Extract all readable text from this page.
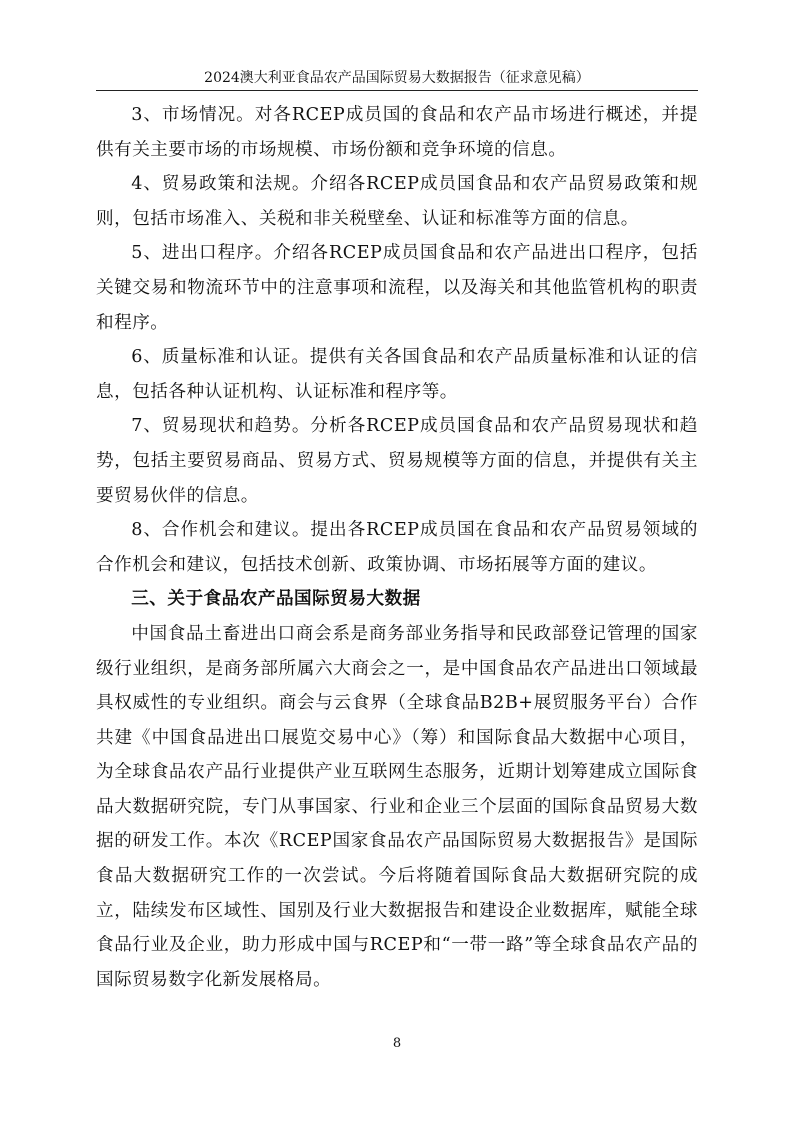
2024澳大利亚食品农产品国际贸易大数据报告（征求意见稿）

3、市场情况。对各RCEP成员国的食品和农产品市场进行概述，并提供有关主要市场的市场规模、市场份额和竞争环境的信息。

4、贸易政策和法规。介绍各RCEP成员国食品和农产品贸易政策和规则，包括市场准入、关税和非关税壁垒、认证和标准等方面的信息。

5、进出口程序。介绍各RCEP成员国食品和农产品进出口程序，包括关键交易和物流环节中的注意事项和流程，以及海关和其他监管机构的职责和程序。

6、质量标准和认证。提供有关各国食品和农产品质量标准和认证的信息，包括各种认证机构、认证标准和程序等。

7、贸易现状和趋势。分析各RCEP成员国食品和农产品贸易现状和趋势，包括主要贸易商品、贸易方式、贸易规模等方面的信息，并提供有关主要贸易伙伴的信息。

8、合作机会和建议。提出各RCEP成员国在食品和农产品贸易领域的合作机会和建议，包括技术创新、政策协调、市场拓展等方面的建议。

三、关于食品农产品国际贸易大数据

中国食品土畜进出口商会系是商务部业务指导和民政部登记管理的国家级行业组织，是商务部所属六大商会之一，是中国食品农产品进出口领域最具权威性的专业组织。商会与云食界（全球食品B2B+展贸服务平台）合作共建《中国食品进出口展览交易中心》（筹）和国际食品大数据中心项目，为全球食品农产品行业提供产业互联网生态服务，近期计划筹建成立国际食品大数据研究院，专门从事国家、行业和企业三个层面的国际食品贸易大数据的研发工作。本次《RCEP国家食品农产品国际贸易大数据报告》是国际食品大数据研究工作的一次尝试。今后将随着国际食品大数据研究院的成立，陆续发布区域性、国别及行业大数据报告和建设企业数据库，赋能全球食品行业及企业，助力形成中国与RCEP和“一带一路”等全球食品农产品的国际贸易数字化新发展格局。

8
